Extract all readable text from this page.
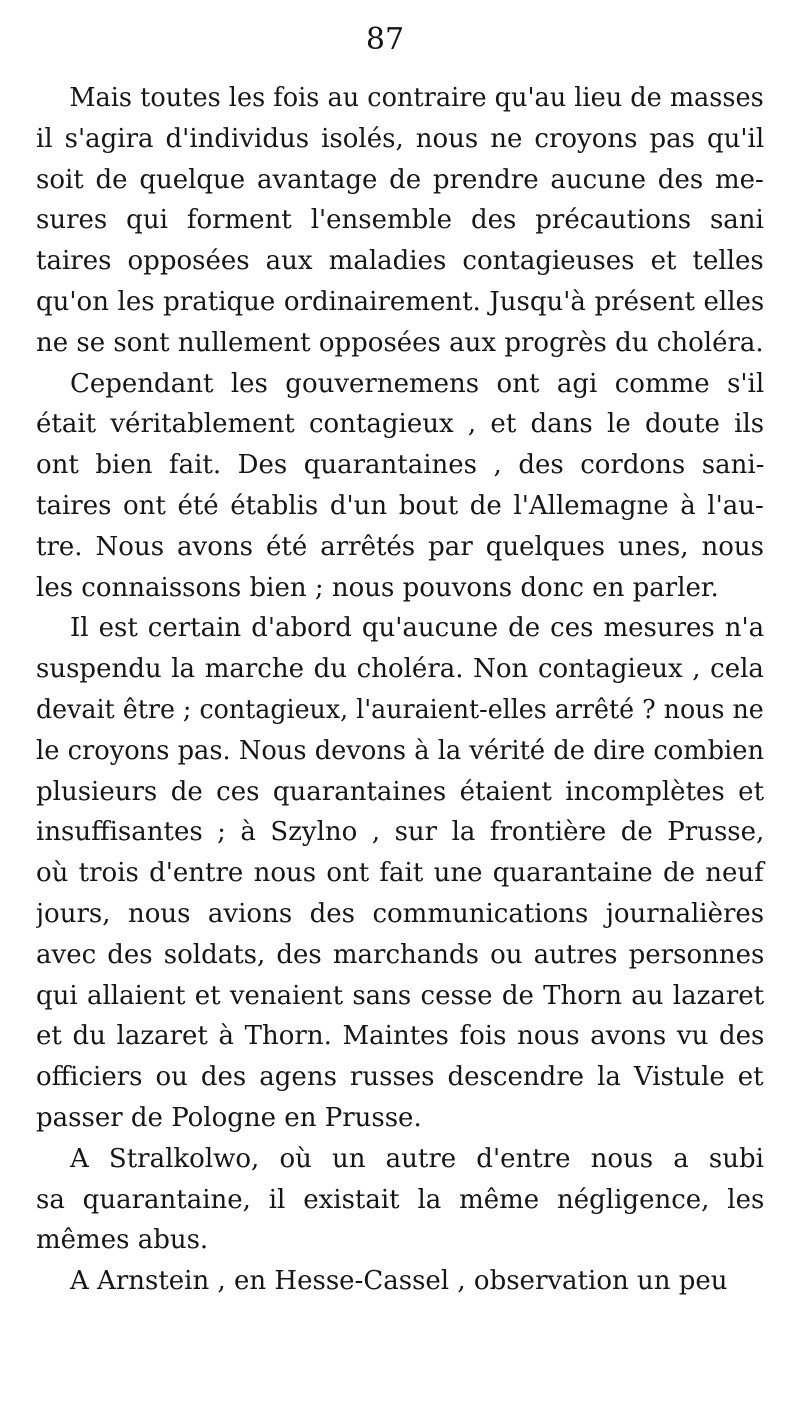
87
Mais toutes les fois au contraire qu'au lieu de masses
il s'agira d'individus isolés, nous ne croyons pas qu'il
soit de quelque avantage de prendre aucune des me-
sures qui forment l'ensemble des précautions sani
taires opposées aux maladies contagieuses et telles
qu'on les pratique ordinairement. Jusqu'à présent elles
ne se sont nullement opposées aux progrès du choléra.
Cependant les gouvernemens ont agi comme s'il
était véritablement contagieux , et dans le doute ils
ont bien fait. Des quarantaines , des cordons sani-
taires ont été établis d'un bout de l'Allemagne à l'au-
tre. Nous avons été arrêtés par quelques unes, nous
les connaissons bien ; nous pouvons donc en parler.
Il est certain d'abord qu'aucune de ces mesures n'a
suspendu la marche du choléra. Non contagieux , cela
devait être ; contagieux, l'auraient-elles arrêté ? nous ne
le croyons pas. Nous devons à la vérité de dire combien
plusieurs de ces quarantaines étaient incomplètes et
insuffisantes ; à Szylno , sur la frontière de Prusse,
où trois d'entre nous ont fait une quarantaine de neuf
jours, nous avions des communications journalières
avec des soldats, des marchands ou autres personnes
qui allaient et venaient sans cesse de Thorn au lazaret
et du lazaret à Thorn. Maintes fois nous avons vu des
officiers ou des agens russes descendre la Vistule et
passer de Pologne en Prusse.
A Stralkolwo, où un autre d'entre nous a subi
sa quarantaine, il existait la même négligence, les
mêmes abus.
A Arnstein , en Hesse-Cassel , observation un peu
